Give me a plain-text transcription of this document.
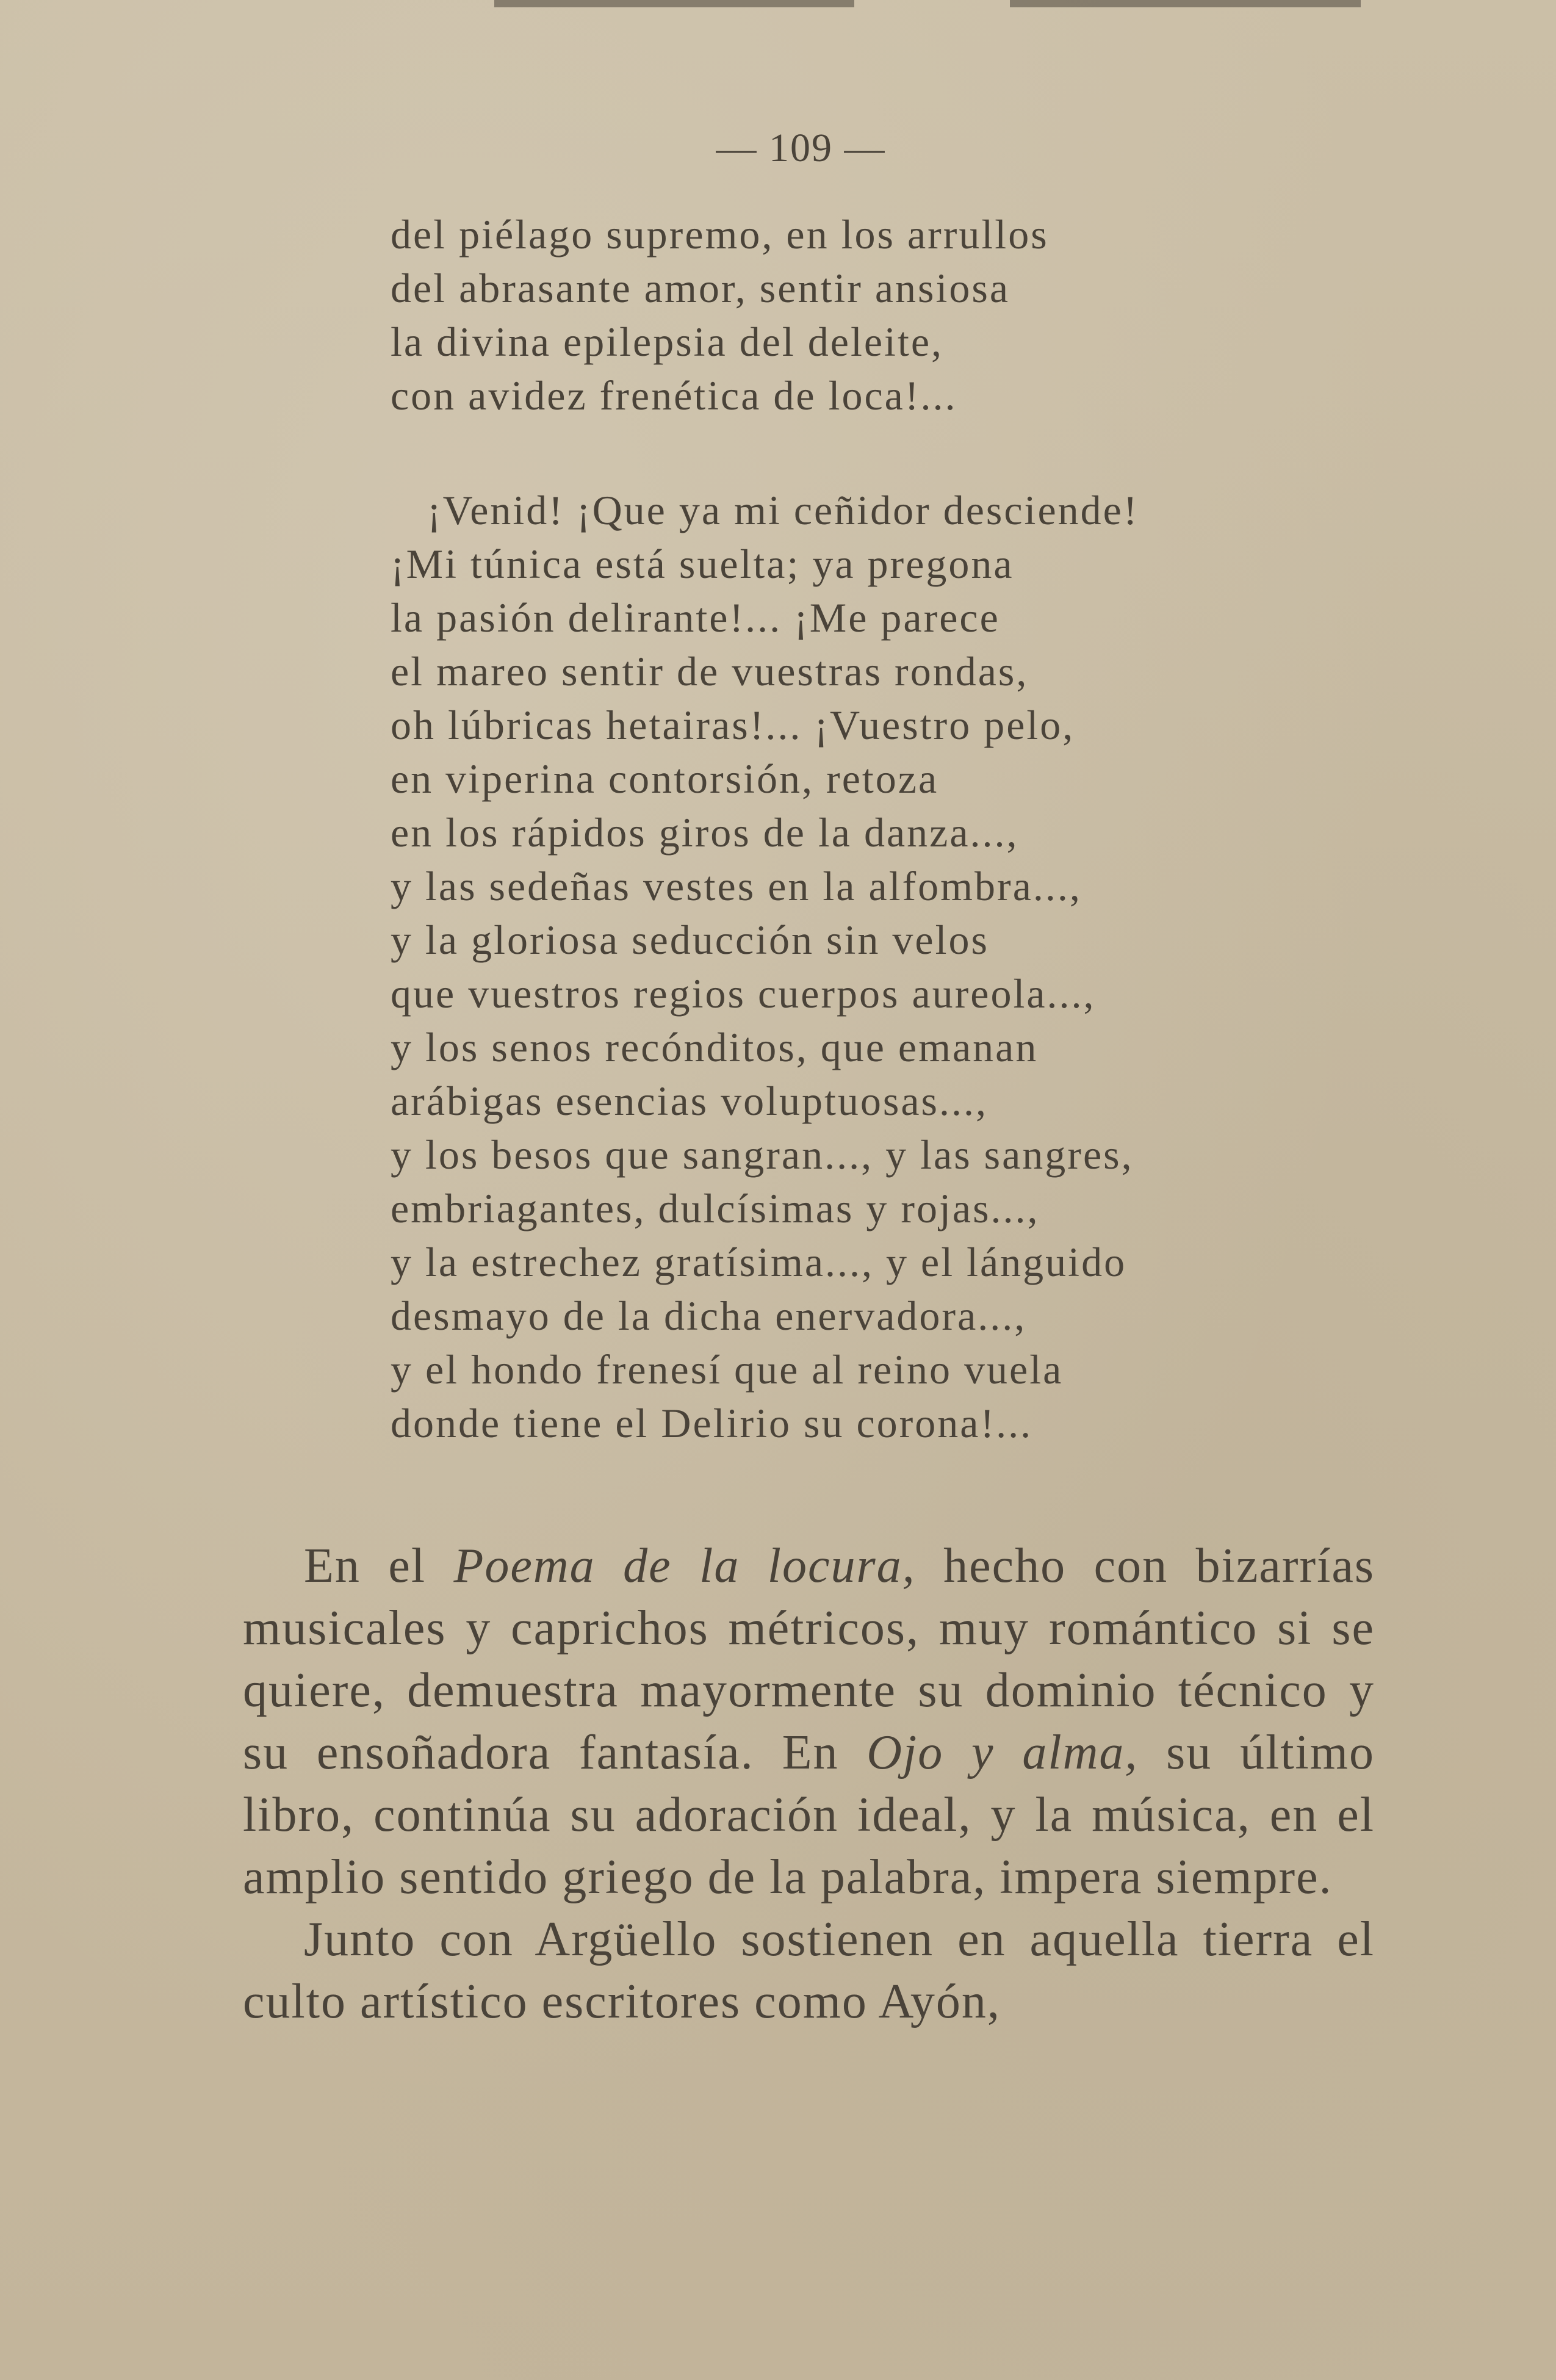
— 109 —
del piélago supremo, en los arrullos
del abrasante amor, sentir ansiosa
la divina epilepsia del deleite,
con avidez frenética de loca!...
¡Venid! ¡Que ya mi ceñidor desciende!
¡Mi túnica está suelta; ya pregona
la pasión delirante!... ¡Me parece
el mareo sentir de vuestras rondas,
oh lúbricas hetairas!... ¡Vuestro pelo,
en viperina contorsión, retoza
en los rápidos giros de la danza...,
y las sedeñas vestes en la alfombra...,
y la gloriosa seducción sin velos
que vuestros regios cuerpos aureola...,
y los senos recónditos, que emanan
arábigas esencias voluptuosas...,
y los besos que sangran..., y las sangres,
embriagantes, dulcísimas y rojas...,
y la estrechez gratísima..., y el lánguido
desmayo de la dicha enervadora...,
y el hondo frenesí que al reino vuela
donde tiene el Delirio su corona!...

En el Poema de la locura, hecho con bizarrías musicales y caprichos métricos, muy romántico si se quiere, demuestra mayormente su dominio técnico y su ensoñadora fantasía. En Ojo y alma, su último libro, continúa su adoración ideal, y la música, en el amplio sentido griego de la palabra, impera siempre.

Junto con Argüello sostienen en aquella tierra el culto artístico escritores como Ayón,
